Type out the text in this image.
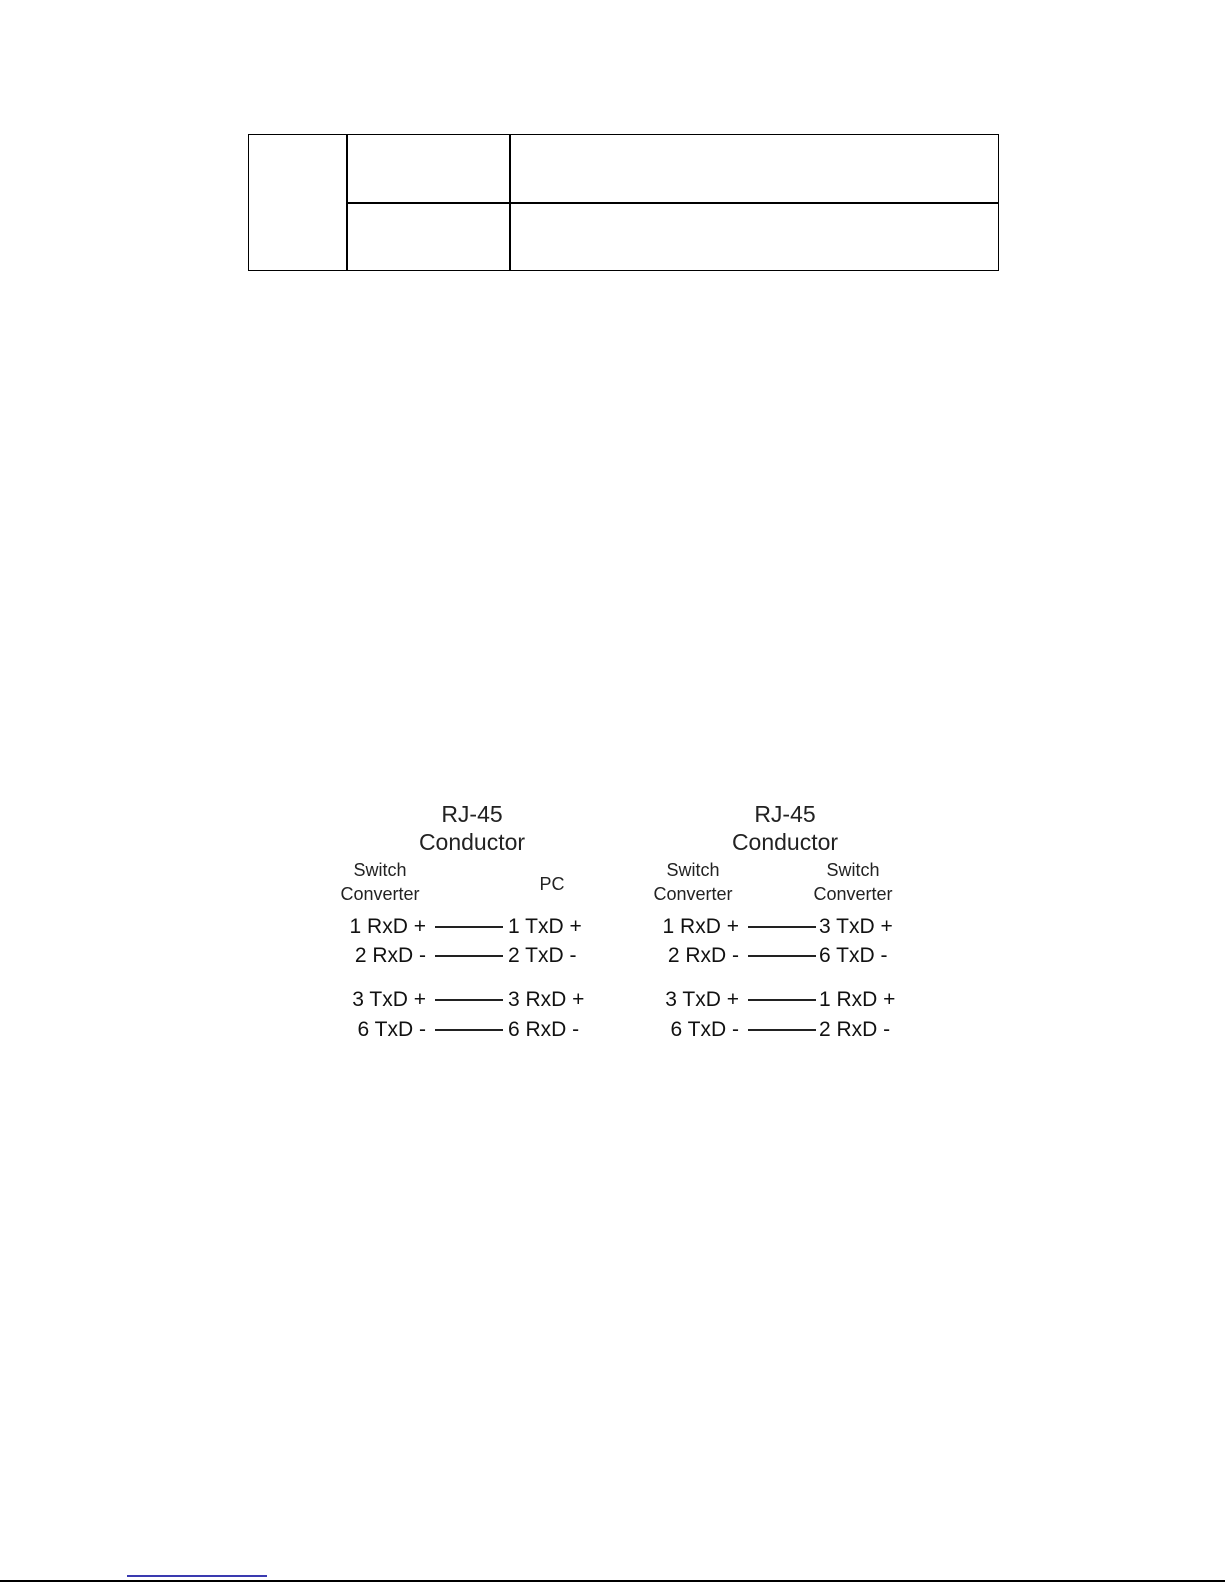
RJ-45
Conductor
Switch
Converter	PC
1 RxD +	1 TxD +
2 RxD -	2 TxD -
3 TxD +	3 RxD +
6 TxD -	6 RxD -
RJ-45
Conductor
Switch
Converter
Switch
Converter
1 RxD +	3 TxD +
2 RxD -	6 TxD -
3 TxD +	1 RxD +
6 TxD -	2 RxD -
